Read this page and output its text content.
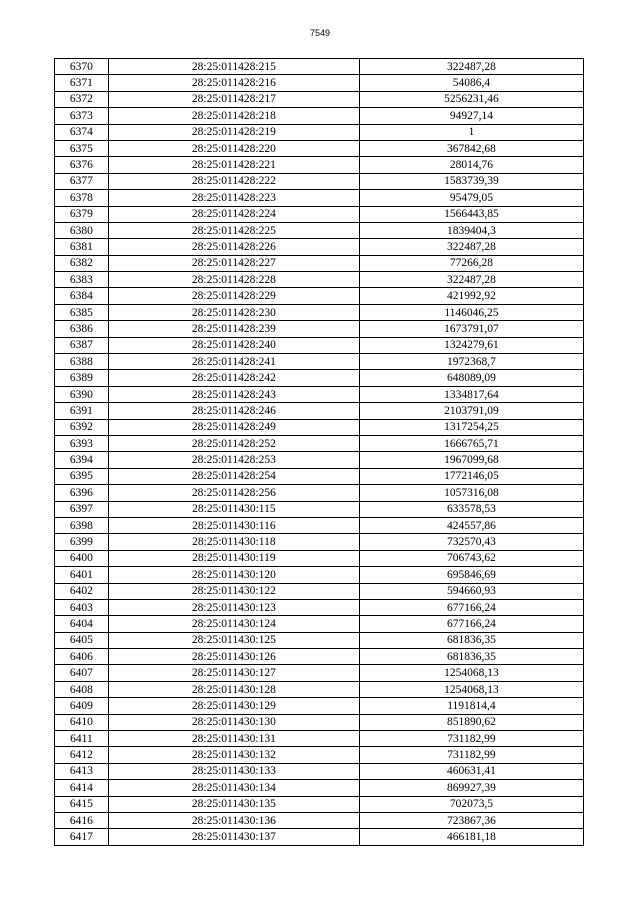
7549
6370	28:25:011428:215	322487,28
6371	28:25:011428:216	54086,4
6372	28:25:011428:217	5256231,46
6373	28:25:011428:218	94927,14
6374	28:25:011428:219	1
6375	28:25:011428:220	367842,68
6376	28:25:011428:221	28014,76
6377	28:25:011428:222	1583739,39
6378	28:25:011428:223	95479,05
6379	28:25:011428:224	1566443,85
6380	28:25:011428:225	1839404,3
6381	28:25:011428:226	322487,28
6382	28:25:011428:227	77266,28
6383	28:25:011428:228	322487,28
6384	28:25:011428:229	421992,92
6385	28:25:011428:230	1146046,25
6386	28:25:011428:239	1673791,07
6387	28:25:011428:240	1324279,61
6388	28:25:011428:241	1972368,7
6389	28:25:011428:242	648089,09
6390	28:25:011428:243	1334817,64
6391	28:25:011428:246	2103791,09
6392	28:25:011428:249	1317254,25
6393	28:25:011428:252	1666765,71
6394	28:25:011428:253	1967099,68
6395	28:25:011428:254	1772146,05
6396	28:25:011428:256	1057316,08
6397	28:25:011430:115	633578,53
6398	28:25:011430:116	424557,86
6399	28:25:011430:118	732570,43
6400	28:25:011430:119	706743,62
6401	28:25:011430:120	695846,69
6402	28:25:011430:122	594660,93
6403	28:25:011430:123	677166,24
6404	28:25:011430:124	677166,24
6405	28:25:011430:125	681836,35
6406	28:25:011430:126	681836,35
6407	28:25:011430:127	1254068,13
6408	28:25:011430:128	1254068,13
6409	28:25:011430:129	1191814,4
6410	28:25:011430:130	851890,62
6411	28:25:011430:131	731182,99
6412	28:25:011430:132	731182,99
6413	28:25:011430:133	460631,41
6414	28:25:011430:134	869927,39
6415	28:25:011430:135	702073,5
6416	28:25:011430:136	723867,36
6417	28:25:011430:137	466181,18
